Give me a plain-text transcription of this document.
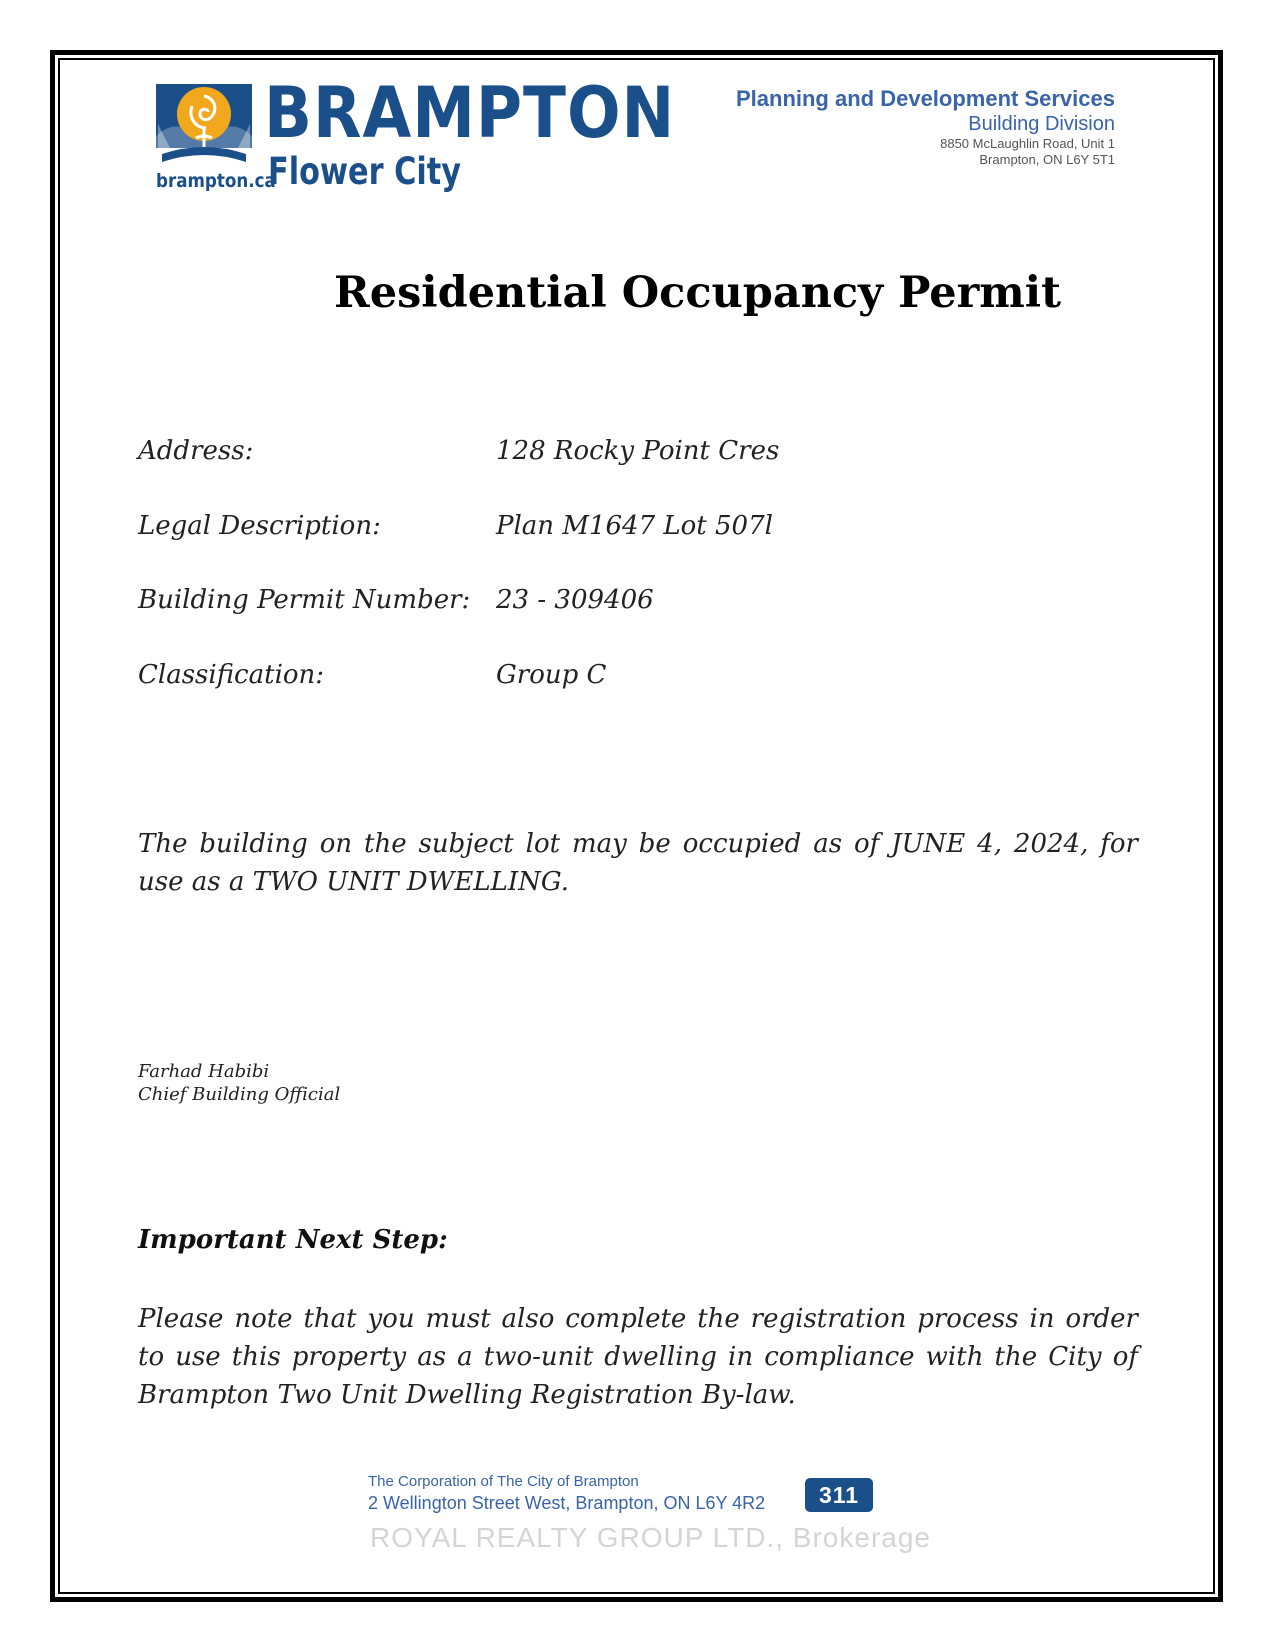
BRAMPTON
Flower City
brampton.ca
Planning and Development Services
Building Division
8850 McLaughlin Road, Unit 1
Brampton, ON L6Y 5T1
Residential Occupancy Permit
Address:	128 Rocky Point Cres
Legal Description:	Plan M1647 Lot 507l
Building Permit Number: 23 - 309406
Classification:	Group C
The building on the subject lot may be occupied as of JUNE 4, 2024, for use as a TWO UNIT DWELLING.
Farhad Habibi
Chief Building Official
Important Next Step:
Please note that you must also complete the registration process in order to use this property as a two-unit dwelling in compliance with the City of Brampton Two Unit Dwelling Registration By-law.
The Corporation of The City of Brampton
2 Wellington Street West, Brampton, ON L6Y 4R2	311
ROYAL REALTY GROUP LTD., Brokerage
